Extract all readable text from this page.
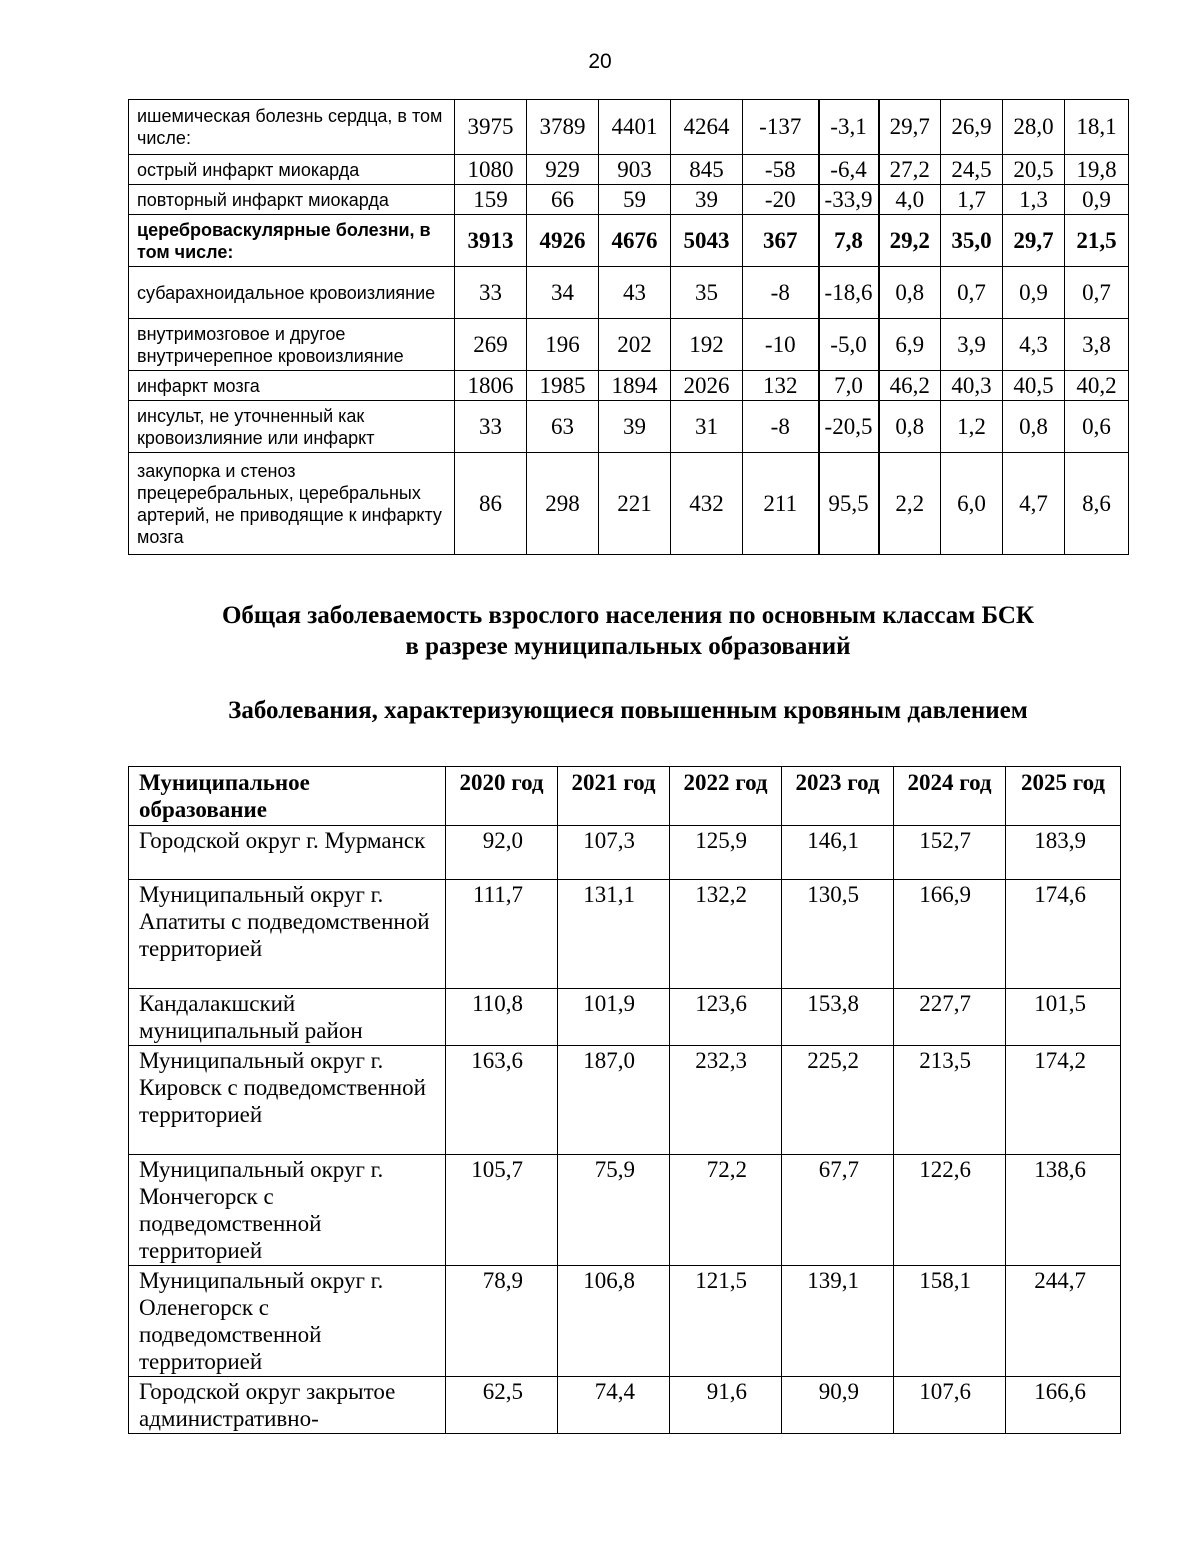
20
ишемическая болезнь сердца, в том числе:	3975	3789	4401	4264	-137	-3,1	29,7	26,9	28,0	18,1
острый инфаркт миокарда	1080	929	903	845	-58	-6,4	27,2	24,5	20,5	19,8
повторный инфаркт миокарда	159	66	59	39	-20	-33,9	4,0	1,7	1,3	0,9
цереброваскулярные болезни, в том числе:	3913	4926	4676	5043	367	7,8	29,2	35,0	29,7	21,5
субарахноидальное кровоизлияние	33	34	43	35	-8	-18,6	0,8	0,7	0,9	0,7
внутримозговое и другое внутричерепное кровоизлияние	269	196	202	192	-10	-5,0	6,9	3,9	4,3	3,8
инфаркт мозга	1806	1985	1894	2026	132	7,0	46,2	40,3	40,5	40,2
инсульт, не уточненный как кровоизлияние или инфаркт	33	63	39	31	-8	-20,5	0,8	1,2	0,8	0,6
закупорка и стеноз прецеребральных, церебральных артерий, не приводящие к инфаркту мозга	86	298	221	432	211	95,5	2,2	6,0	4,7	8,6
Общая заболеваемость взрослого населения по основным классам БСК
в разрезе муниципальных образований
Заболевания, характеризующиеся повышенным кровяным давлением
Муниципальное образование	2020 год	2021 год	2022 год	2023 год	2024 год	2025 год
Городской округ г. Мурманск	92,0	107,3	125,9	146,1	152,7	183,9
Муниципальный округ г. Апатиты с подведомственной территорией	111,7	131,1	132,2	130,5	166,9	174,6
Кандалакшский муниципальный район	110,8	101,9	123,6	153,8	227,7	101,5
Муниципальный округ г. Кировск с подведомственной территорией	163,6	187,0	232,3	225,2	213,5	174,2
Муниципальный округ г. Мончегорск с подведомственной территорией	105,7	75,9	72,2	67,7	122,6	138,6
Муниципальный округ г. Оленегорск с подведомственной территорией	78,9	106,8	121,5	139,1	158,1	244,7
Городской округ закрытое административно-	62,5	74,4	91,6	90,9	107,6	166,6
